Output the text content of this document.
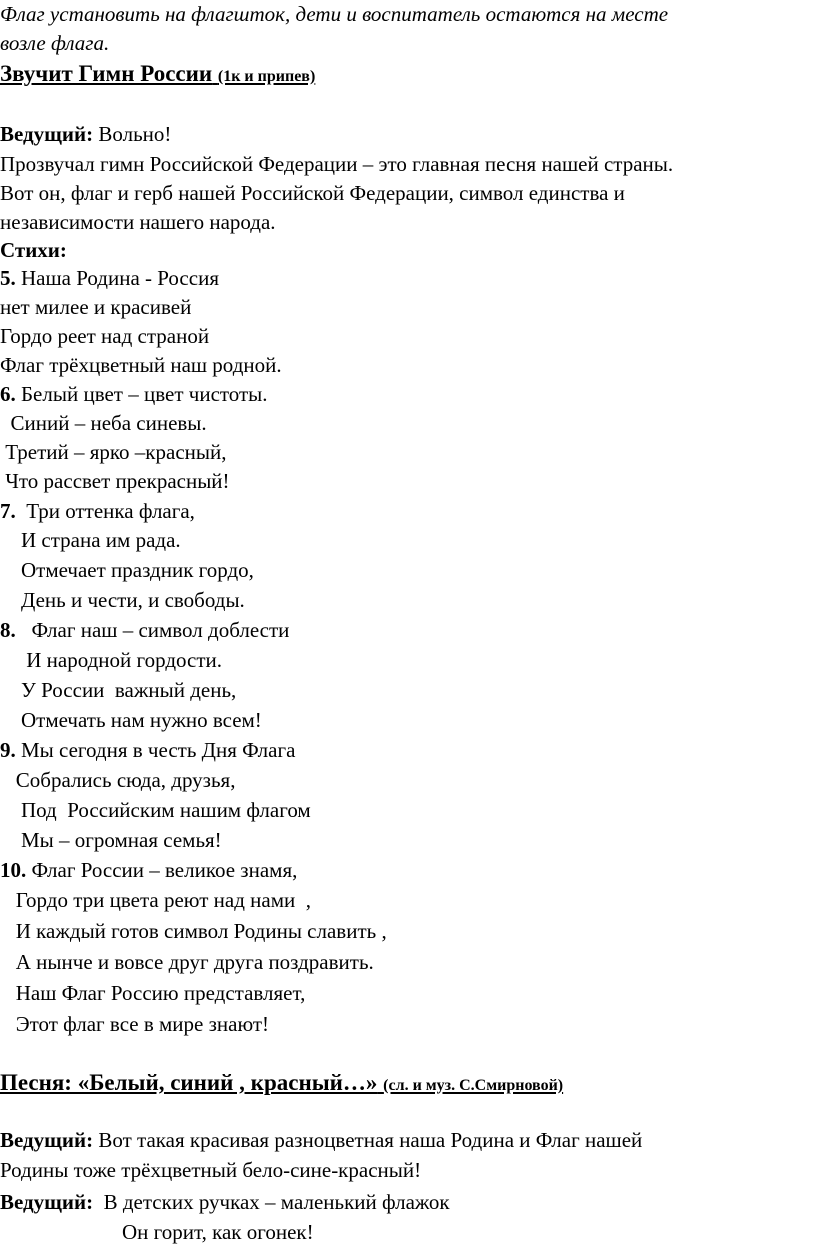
Флаг установить на флагшток, дети и воспитатель остаются на месте
возле флага.
Звучит Гимн России (1к и припев)
Ведущий: Вольно!
Прозвучал гимн Российской Федерации – это главная песня нашей страны.
Вот он, флаг и герб нашей Российской Федерации, символ единства и
независимости нашего народа.
Стихи:
5. Наша Родина - Россия
нет милее и красивей
Гордо реет над страной
Флаг трёхцветный наш родной.
6. Белый цвет – цвет чистоты.
Синий – неба синевы.
Третий – ярко –красный,
Что рассвет прекрасный!
7.  Три оттенка флага,
И страна им рада.
Отмечает праздник гордо,
День и чести, и свободы.
8.   Флаг наш – символ доблести
И народной гордости.
У России  важный день,
Отмечать нам нужно всем!
9. Мы сегодня в честь Дня Флага
Собрались сюда, друзья,
Под  Российским нашим флагом
Мы – огромная семья!
10. Флаг России – великое знамя,
Гордо три цвета реют над нами  ,
И каждый готов символ Родины славить ,
А нынче и вовсе друг друга поздравить.
Наш Флаг Россию представляет,
Этот флаг все в мире знают!
Песня: «Белый, синий , красный…» (сл. и муз. С.Смирновой)
Ведущий: Вот такая красивая разноцветная наша Родина и Флаг нашей
Родины тоже трёхцветный бело-сине-красный!
Ведущий:  В детских ручках – маленький флажок
Он горит, как огонек!
